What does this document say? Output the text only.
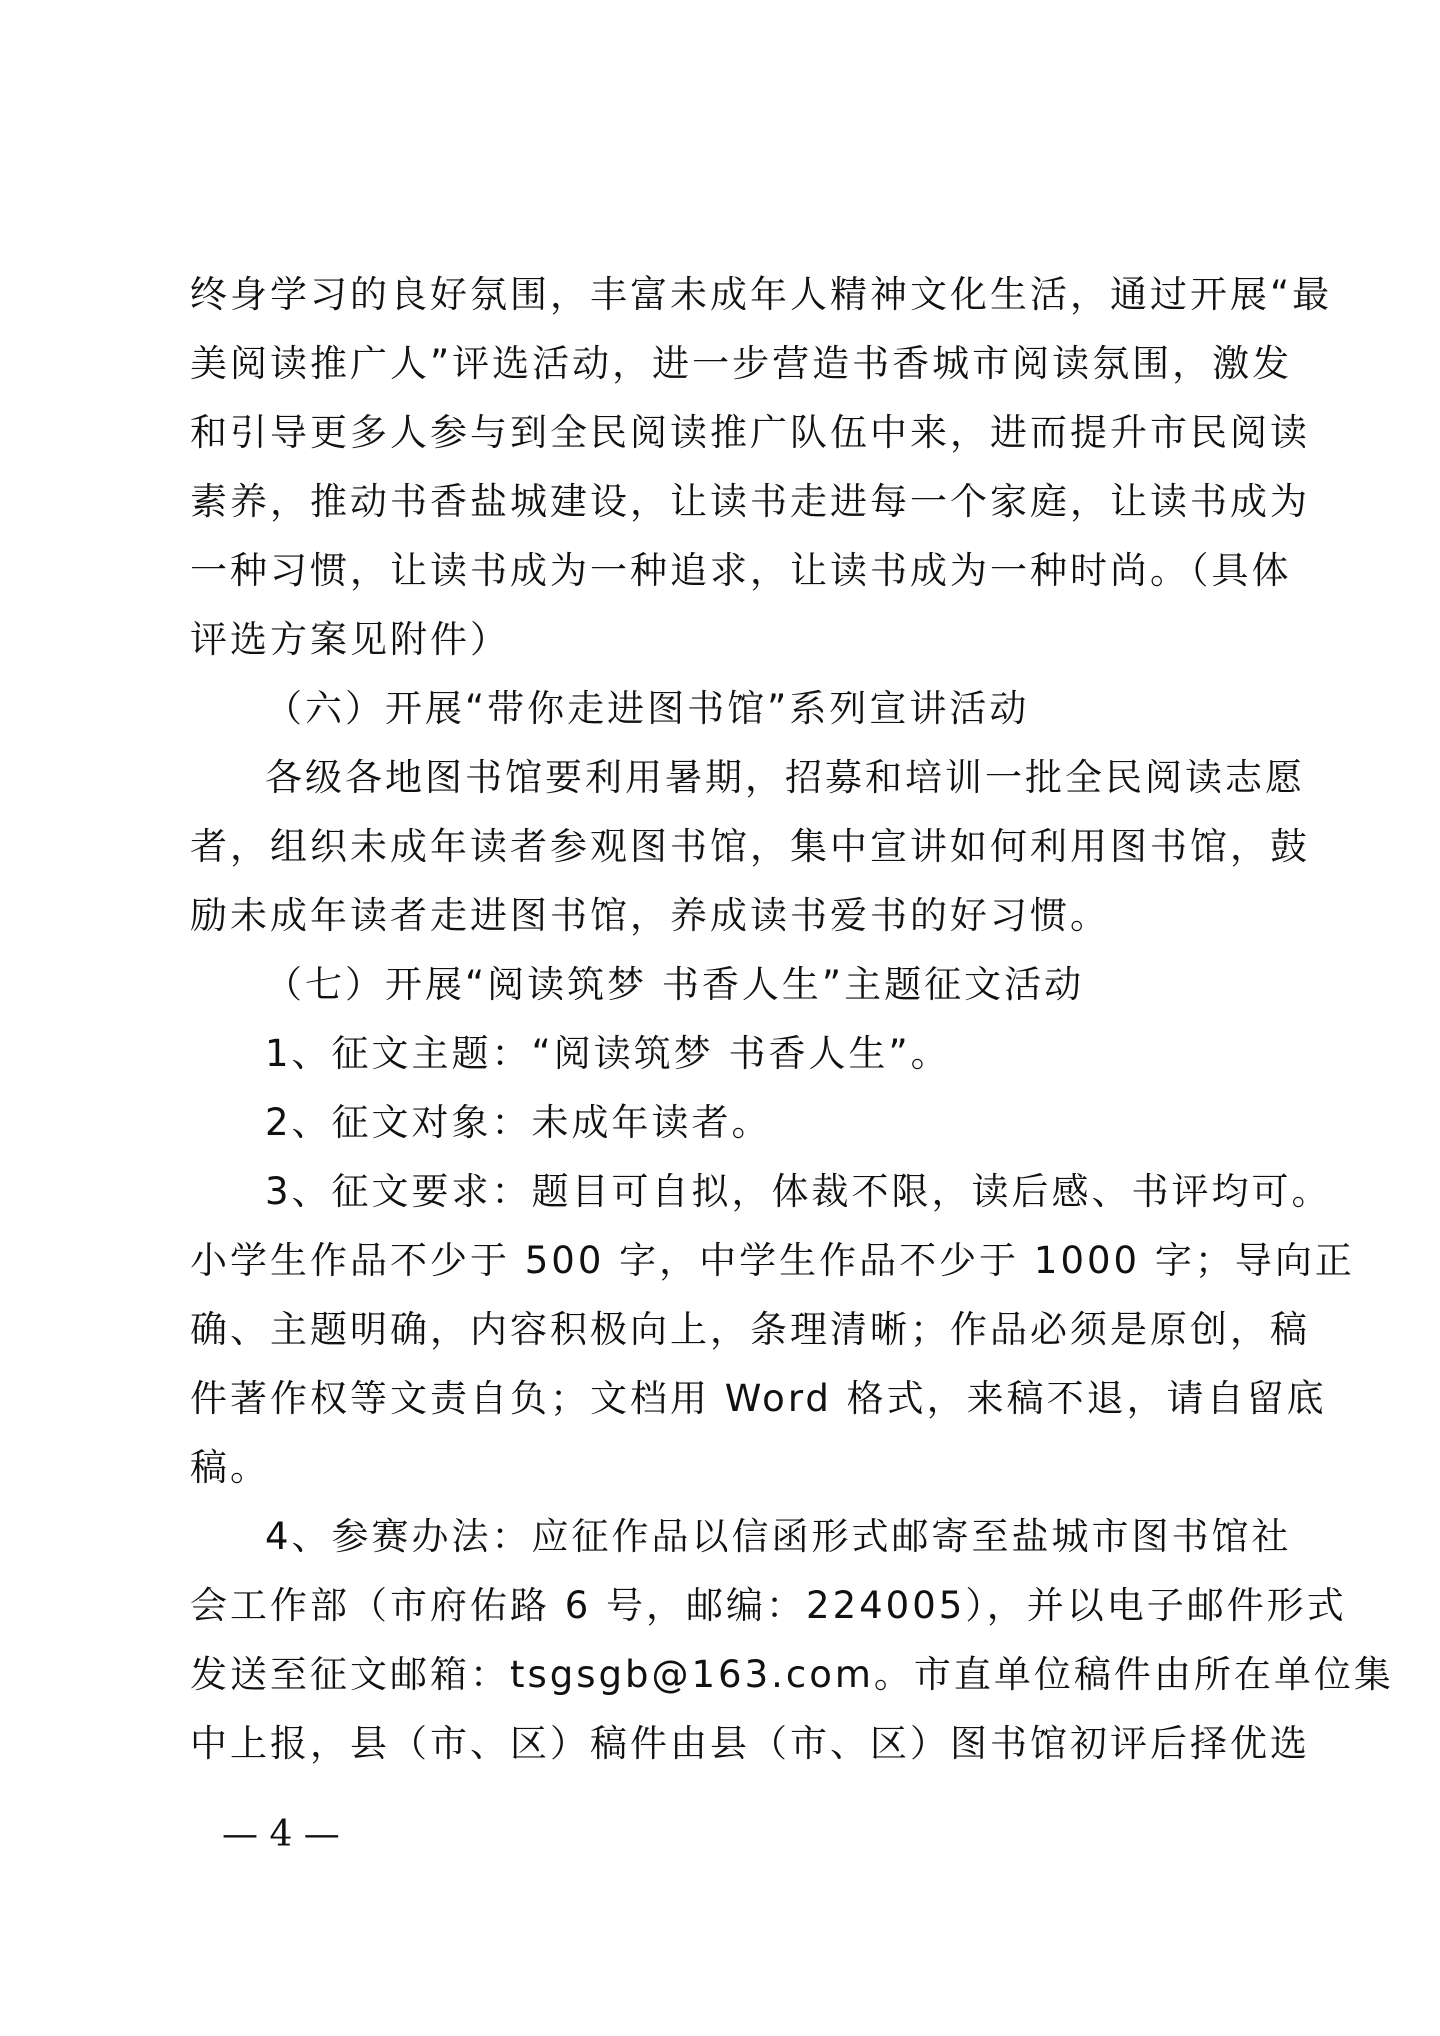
终身学习的良好氛围，丰富未成年人精神文化生活，通过开展“最
美阅读推广人”评选活动，进一步营造书香城市阅读氛围，激发
和引导更多人参与到全民阅读推广队伍中来，进而提升市民阅读
素养，推动书香盐城建设，让读书走进每一个家庭，让读书成为
一种习惯，让读书成为一种追求，让读书成为一种时尚。（具体
评选方案见附件）
（六）开展“带你走进图书馆”系列宣讲活动
各级各地图书馆要利用暑期，招募和培训一批全民阅读志愿
者，组织未成年读者参观图书馆，集中宣讲如何利用图书馆，鼓
励未成年读者走进图书馆，养成读书爱书的好习惯。
（七）开展“阅读筑梦 书香人生”主题征文活动
1、征文主题：“阅读筑梦 书香人生”。
2、征文对象：未成年读者。
3、征文要求：题目可自拟，体裁不限，读后感、书评均可。
小学生作品不少于 500 字，中学生作品不少于 1000 字；导向正
确、主题明确，内容积极向上，条理清晰；作品必须是原创，稿
件著作权等文责自负；文档用 Word 格式，来稿不退，请自留底
稿。
4、参赛办法：应征作品以信函形式邮寄至盐城市图书馆社
会工作部（市府佑路 6 号，邮编：224005），并以电子邮件形式
发送至征文邮箱：tsgsgb@163.com。市直单位稿件由所在单位集
中上报，县（市、区）稿件由县（市、区）图书馆初评后择优选
— 4 —
